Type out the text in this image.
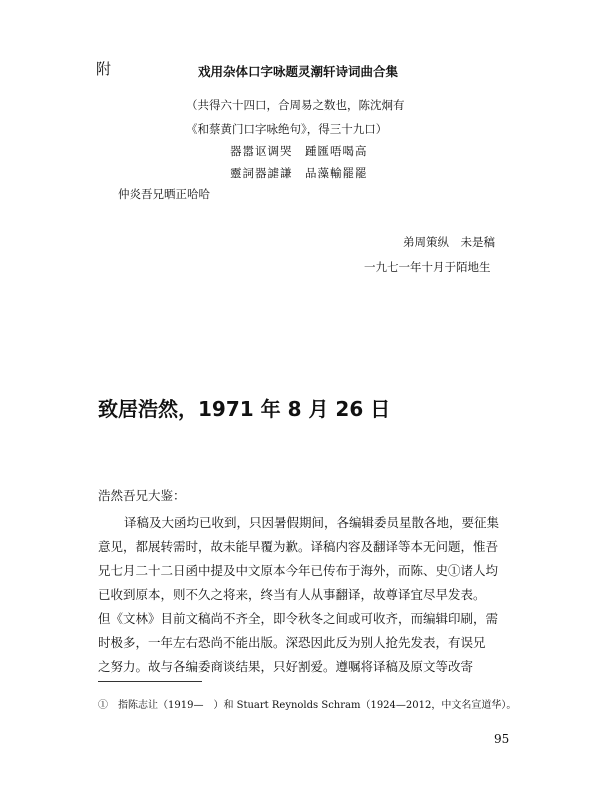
附	戏用杂体口字咏题灵潮轩诗词曲合集
（共得六十四口，合周易之数也，陈沈炯有
《和蔡黄门口字咏绝句》，得三十九口）
器嚣讴调哭　踵匯唔喝高
靈詞器謔謙　品藻輸罷罷
仲炎吾兄晒正哈哈
弟周策纵　未是稿
一九七一年十月于陌地生
致居浩然，1971 年 8 月 26 日
浩然吾兄大鉴：
译稿及大函均已收到，只因暑假期间，各编辑委员星散各地，要征集
意见，都展转需时，故未能早覆为歉。译稿内容及翻译等本无问题，惟吾
兄七月二十二日函中提及中文原本今年已传布于海外，而陈、史①诸人均
已收到原本，则不久之将来，终当有人从事翻译，故尊译宜尽早发表。
但《文林》目前文稿尚不齐全，即令秋冬之间或可收齐，而编辑印刷，需
时极多，一年左右恐尚不能出版。深恐因此反为别人抢先发表，有误兄
之努力。故与各编委商谈结果，只好割爱。遵嘱将译稿及原文等改寄
①　指陈志让（1919—　）和 Stuart Reynolds Schram（1924—2012，中文名宣道华）。
95
